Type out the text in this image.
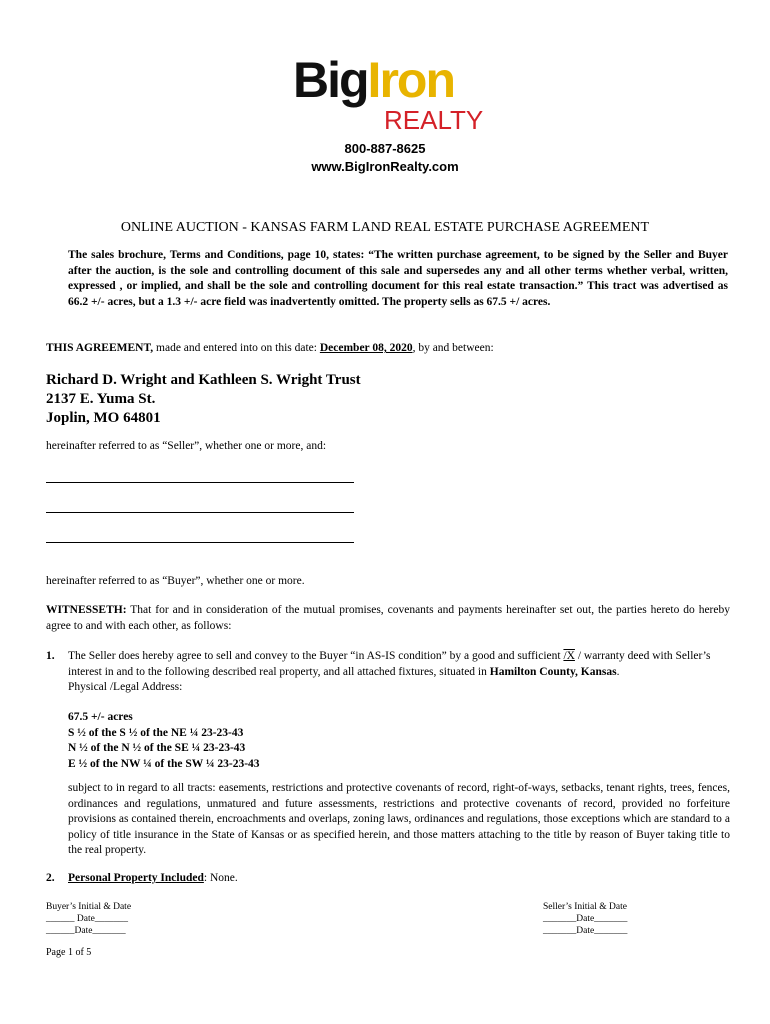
BigIron
REALTY
800-887-8625
www.BigIronRealty.com
ONLINE AUCTION - KANSAS FARM LAND REAL ESTATE PURCHASE AGREEMENT
The sales brochure, Terms and Conditions, page 10, states: “The written purchase agreement, to be signed by the Seller and Buyer after the auction, is the sole and controlling document of this sale and supersedes any and all other terms whether verbal, written, expressed , or implied, and shall be the sole and controlling document for this real estate transaction.” This tract was advertised as 66.2 +/- acres, but a 1.3 +/- acre field was inadvertently omitted. The property sells as 67.5 +/ acres.
THIS AGREEMENT, made and entered into on this date: December 08, 2020, by and between:
Richard D. Wright and Kathleen S. Wright Trust
2137 E. Yuma St.
Joplin, MO 64801
hereinafter referred to as “Seller”, whether one or more, and:
hereinafter referred to as “Buyer”, whether one or more.
WITNESSETH: That for and in consideration of the mutual promises, covenants and payments hereinafter set out, the parties hereto do hereby agree to and with each other, as follows:
1. The Seller does hereby agree to sell and convey to the Buyer “in AS-IS condition” by a good and sufficient /X / warranty deed with Seller’s interest in and to the following described real property, and all attached fixtures, situated in Hamilton County, Kansas.
Physical /Legal Address:
67.5 +/- acres
S ½ of the S ½ of the NE ¼ 23-23-43
N ½ of the N ½ of the SE ¼ 23-23-43
E ½ of the NW ¼ of the SW ¼ 23-23-43
subject to in regard to all tracts: easements, restrictions and protective covenants of record, right-of-ways, setbacks, tenant rights, trees, fences, ordinances and regulations, unmatured and future assessments, restrictions and protective covenants of record, provided no forfeiture provisions as contained therein, encroachments and overlaps, zoning laws, ordinances and regulations, those exceptions which are standard to a policy of title insurance in the State of Kansas or as specified herein, and those matters attaching to the title by reason of Buyer taking title to the real property.
2. Personal Property Included: None.
Buyer’s Initial & Date
______ Date_______
______Date_______
Seller’s Initial & Date
_______Date_______
_______Date_______
Page 1 of 5
